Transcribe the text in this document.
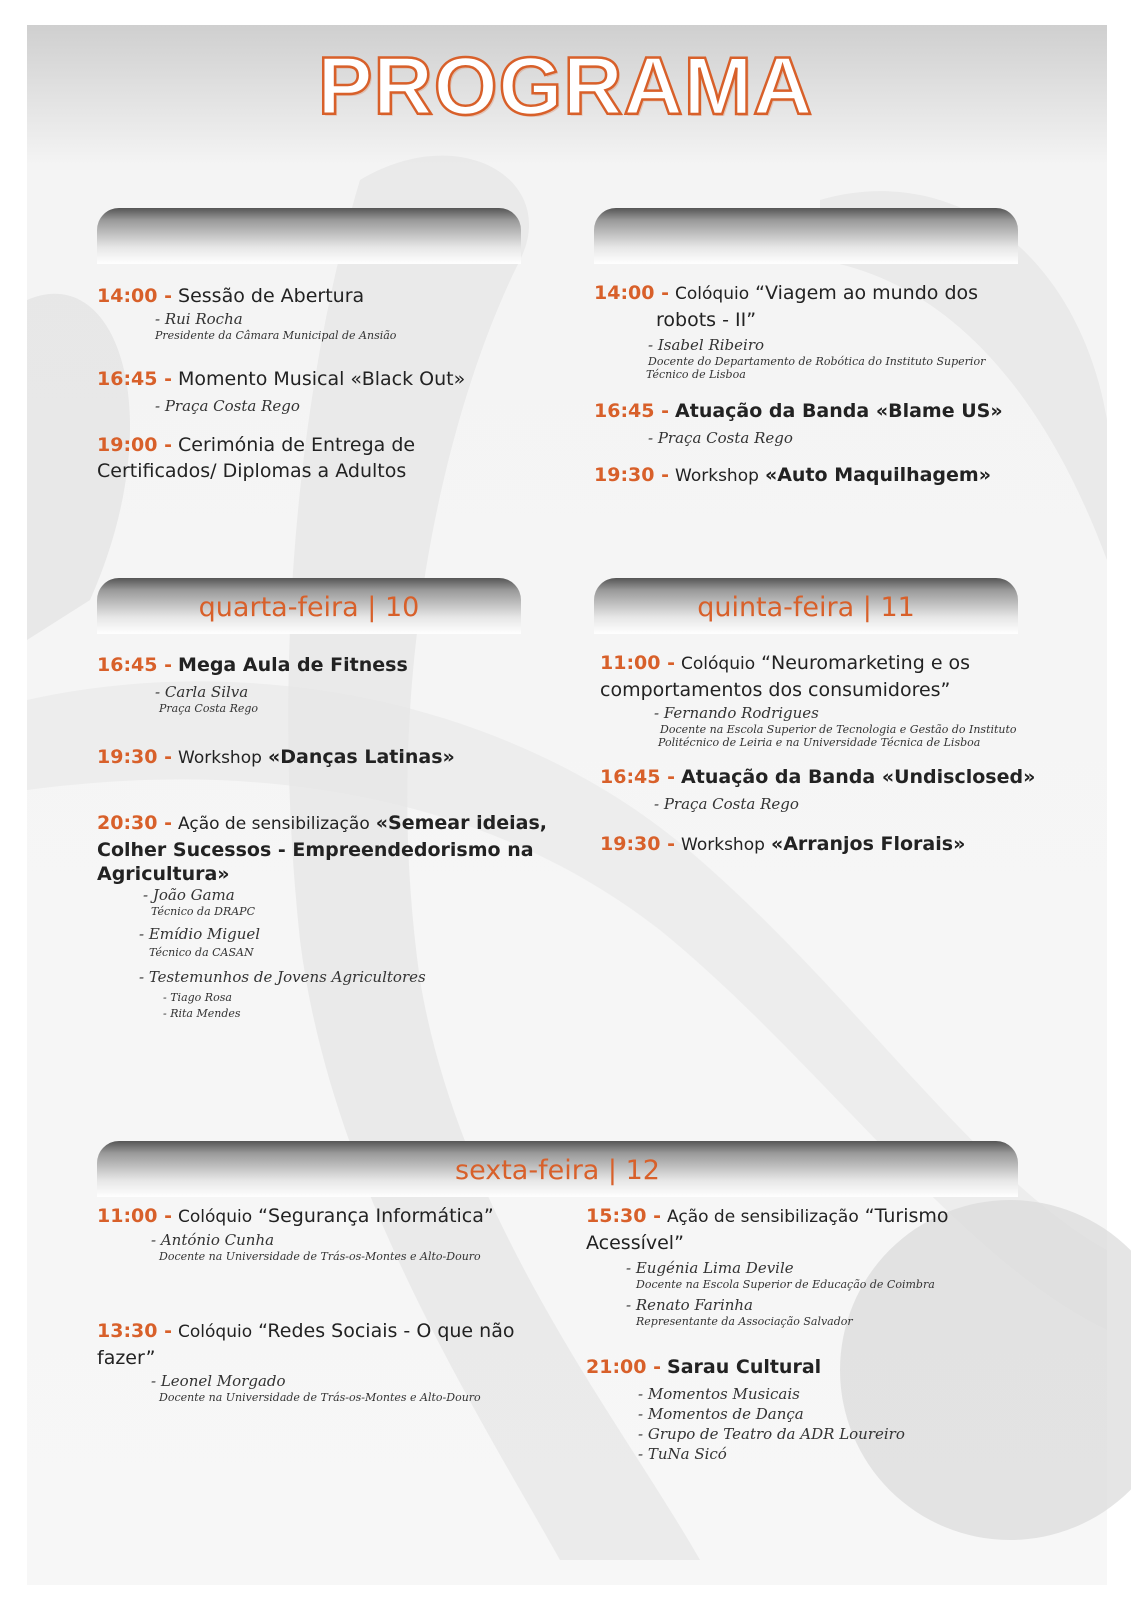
PROGRAMA
quarta-feira | 10	quinta-feira | 11
sexta-feira | 12
14:00 - Sessão de Abertura
- Rui Rocha
Presidente da Câmara Municipal de Ansião
16:45 - Momento Musical «Black Out»
- Praça Costa Rego
19:00 - Cerimónia de Entrega de
Certificados/ Diplomas a Adultos
14:00 - Colóquio “Viagem ao mundo dos
robots - II”
- Isabel Ribeiro
Docente do Departamento de Robótica do Instituto Superior
Técnico de Lisboa
16:45 - Atuação da Banda «Blame US»
- Praça Costa Rego
19:30 - Workshop «Auto Maquilhagem»
16:45 - Mega Aula de Fitness
- Carla Silva
Praça Costa Rego
19:30 - Workshop «Danças Latinas»
20:30 - Ação de sensibilização «Semear ideias,
Colher Sucessos - Empreendedorismo na
Agricultura»
- João Gama
Técnico da DRAPC
- Emídio Miguel
Técnico da CASAN
- Testemunhos de Jovens Agricultores
- Tiago Rosa
- Rita Mendes
11:00 - Colóquio “Neuromarketing e os
comportamentos dos consumidores”
- Fernando Rodrigues
Docente na Escola Superior de Tecnologia e Gestão do Instituto
Politécnico de Leiria e na Universidade Técnica de Lisboa
16:45 - Atuação da Banda «Undisclosed»
- Praça Costa Rego
19:30 - Workshop «Arranjos Florais»
11:00 - Colóquio “Segurança Informática”
- António Cunha
Docente na Universidade de Trás-os-Montes e Alto-Douro
13:30 - Colóquio “Redes Sociais - O que não
fazer”
- Leonel Morgado
Docente na Universidade de Trás-os-Montes e Alto-Douro
15:30 - Ação de sensibilização “Turismo
Acessível”
- Eugénia Lima Devile
Docente na Escola Superior de Educação de Coimbra
- Renato Farinha
Representante da Associação Salvador
21:00 - Sarau Cultural
- Momentos Musicais
- Momentos de Dança
- Grupo de Teatro da ADR Loureiro
- TuNa Sicó
